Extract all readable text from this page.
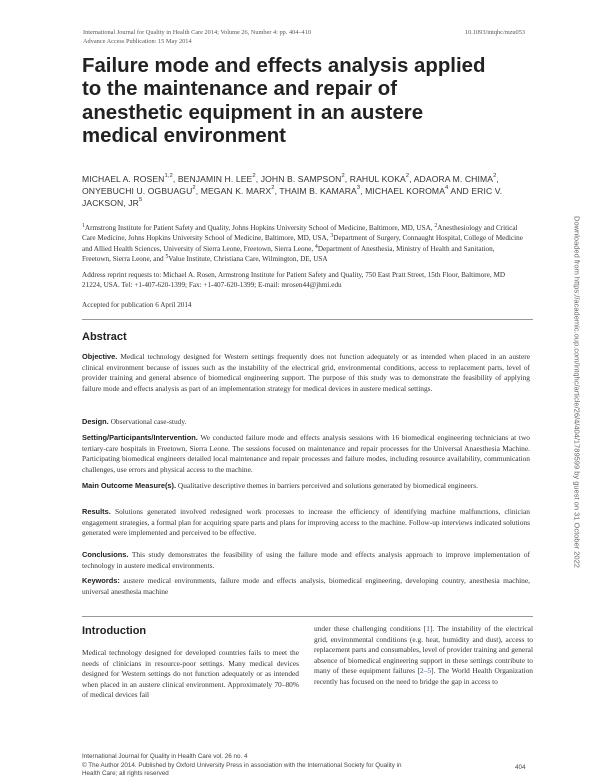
International Journal for Quality in Health Care 2014; Volume 26, Number 4: pp. 404–410
Advance Access Publication: 15 May 2014
10.1093/intqhc/mzu053
Failure mode and effects analysis applied to the maintenance and repair of anesthetic equipment in an austere medical environment

MICHAEL A. ROSEN$^{1,2}$, BENJAMIN H. LEE$^2$, JOHN B. SAMPSON$^2$, RAHUL KOKA$^2$, ADAORA M. CHIMA$^2$, ONYEBUCHI U. OGBUAGU$^2$, MEGAN K. MARX$^2$, THAIM B. KAMARA$^3$, MICHAEL KOROMA$^4$ AND ERIC V. JACKSON, $JR^5$

$^1$Armstrong Institute for Patient Safety and Quality, Johns Hopkins University School of Medicine, Baltimore, MD, USA, $^2$Anesthesiology and Critical Care Medicine, Johns Hopkins University School of Medicine, Baltimore, MD, USA, $^3$Department of Surgery, Connaught Hospital, College of Medicine and Allied Health Sciences, University of Sierra Leone, Freetown, Sierra Leone, $^4$Department of Anesthesia, Ministry of Health and Sanitation, Freetown, Sierra Leone, and $^5$Value Institute, Christiana Care, Wilmington, DE, USA

Address reprint requests to: Michael A. Rosen, Armstrong Institute for Patient Safety and Quality, 750 East Pratt Street, 15th Floor, Baltimore, MD 21224, USA. Tel: +1-407-620-1399; Fax: +1-407-620-1399; E-mail: mrosen44@jhmi.edu

Accepted for publication 6 April 2014

Abstract

Objective. Medical technology designed for Western settings frequently does not function adequately or as intended when placed in an austere clinical environment because of issues such as the instability of the electrical grid, environmental conditions, access to replacement parts, level of provider training and general absence of biomedical engineering support. The purpose of this study was to demonstrate the feasibility of applying failure mode and effects analysis as part of an implementation strategy for medical devices in austere medical settings.

Design. Observational case-study.

Setting/Participants/Intervention. We conducted failure mode and effects analysis sessions with 16 biomedical engineering technicians at two tertiary-care hospitals in Freetown, Sierra Leone. The sessions focused on maintenance and repair processes for the Universal Anaesthesia Machine. Participating biomedical engineers detailed local maintenance and repair processes and failure modes, including resource availability, communication challenges, use errors and physical access to the machine.

Main Outcome Measure(s). Qualitative descriptive themes in barriers perceived and solutions generated by biomedical engineers.

Results. Solutions generated involved redesigned work processes to increase the efficiency of identifying machine malfunctions, clinician engagement strategies, a formal plan for acquiring spare parts and plans for improving access to the machine. Follow-up interviews indicated solutions generated were implemented and perceived to be effective.

Conclusions. This study demonstrates the feasibility of using the failure mode and effects analysis approach to improve implementation of technology in austere medical environments.

Keywords: austere medical environments, failure mode and effects analysis, biomedical engineering, developing country, anesthesia machine, universal anesthesia machine

Introduction

Medical technology designed for developed countries fails to meet the needs of clinicians in resource-poor settings. Many medical devices designed for Western settings do not function adequately or as intended when placed in an austere clinical environment. Approximately 70–80% of medical devices fail

under these challenging conditions [1]. The instability of the electrical grid, environmental conditions (e.g. heat, humidity and dust), access to replacement parts and consumables, level of provider training and general absence of biomedical engineering support in these settings contribute to many of these equipment failures [2–5]. The World Health Organization recently has focused on the need to bridge the gap in access to

International Journal for Quality in Health Care vol. 26 no. 4
© The Author 2014. Published by Oxford University Press in association with the International Society for Quality in Health Care; all rights reserved

404

Downloaded from https://academic.oup.com/intqhc/article/26/4/404/1789599 by guest on 31 October 2022
